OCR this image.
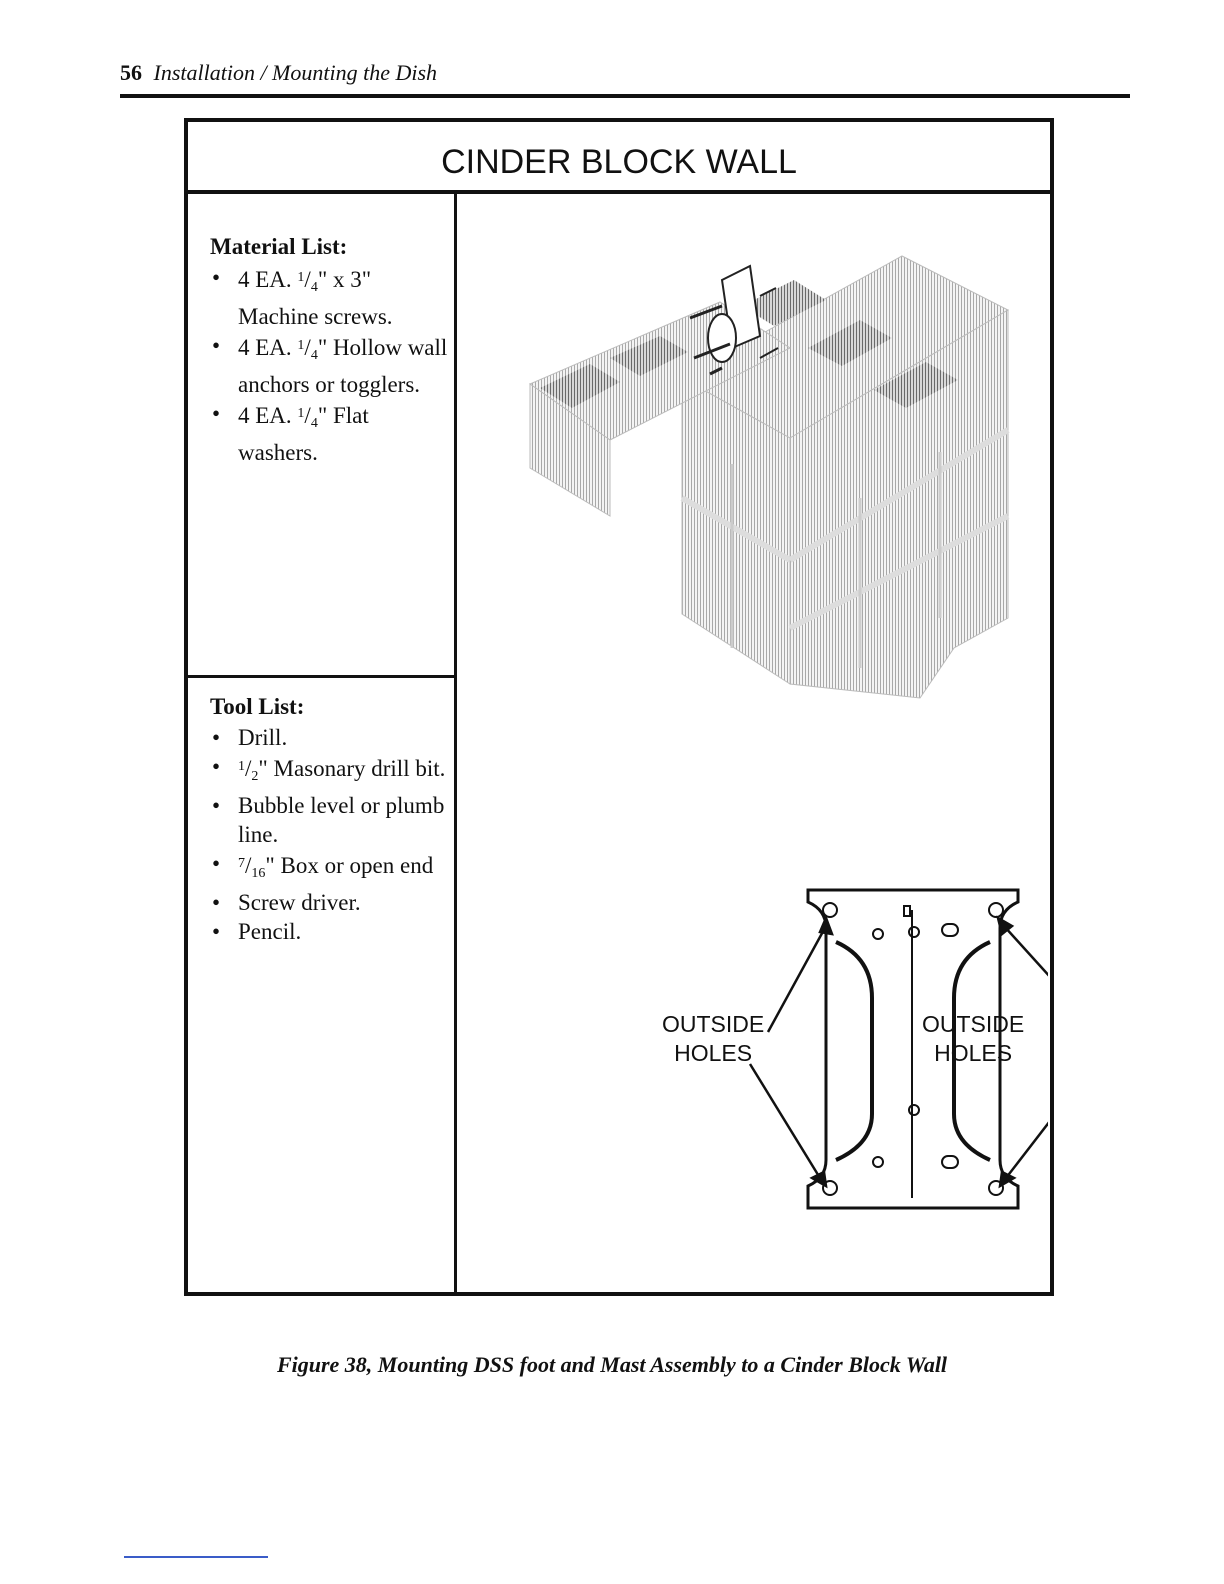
56 Installation / Mounting the Dish
CINDER BLOCK WALL
Material List:
• 4 EA. $^1/_4$" x 3" Machine screws.
• 4 EA. $^1/_4$" Hollow wall anchors or togglers.
• 4 EA. $^1/_4$" Flat washers.
Tool List:
• Drill.
• $^1/_2$" Masonary drill bit.
• Bubble level or plumb line.
• $^7/_{16}$" Box or open end
• Screw driver.
• Pencil.
OUTSIDE
HOLES
OUTSIDE
HOLES
Figure 38, Mounting DSS foot and Mast Assembly to a Cinder Block Wall
